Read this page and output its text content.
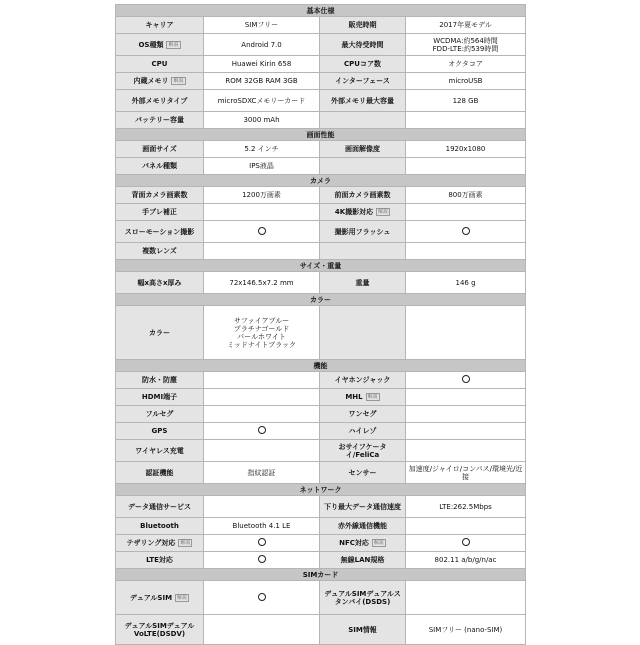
基本仕様			
キャリア	SIMフリー	販売時期	2017年夏モデル
OS種類 解説	Android 7.0	最大待受時間	WCDMA:約564時間
FDD-LTE:約539時間
CPU	Huawei Kirin 658	CPUコア数	オクタコア
内蔵メモリ 解説	ROM 32GB RAM 3GB	インターフェース	microUSB
外部メモリタイプ	microSDXCメモリーカード	外部メモリ最大容量	128 GB
バッテリー容量	3000 mAh		
画面性能			
画面サイズ	5.2 インチ	画面解像度	1920x1080
パネル種類	IPS液晶		
カメラ			
背面カメラ画素数	1200万画素	前面カメラ画素数	800万画素
手ブレ補正		4K撮影対応 解説	
スローモーション撮影		撮影用フラッシュ	
複数レンズ			
サイズ・重量			
幅x高さx厚み	72x146.5x7.2 mm	重量	146 g
カラー			
カラー	サファイアブルー
プラチナゴールド
パールホワイト
ミッドナイトブラック		
機能			
防水・防塵		イヤホンジャック	
HDMI端子		MHL 解説	
フルセグ		ワンセグ	
GPS		ハイレゾ	
ワイヤレス充電		おサイフケータイ/FeliCa	
認証機能	指紋認証	センサー	加速度/ジャイロ/コンパス/環境光/近接
ネットワーク			
データ通信サービス		下り最大データ通信速度	LTE:262.5Mbps
Bluetooth	Bluetooth 4.1 LE	赤外線通信機能	
テザリング対応 解説		NFC対応 解説	
LTE対応		無線LAN規格	802.11 a/b/g/n/ac
SIMカード			
デュアルSIM 解説		デュアルSIMデュアルスタンバイ(DSDS)	
デュアルSIMデュアルVoLTE(DSDV)		SIM情報	SIMフリー (nano-SIM)
